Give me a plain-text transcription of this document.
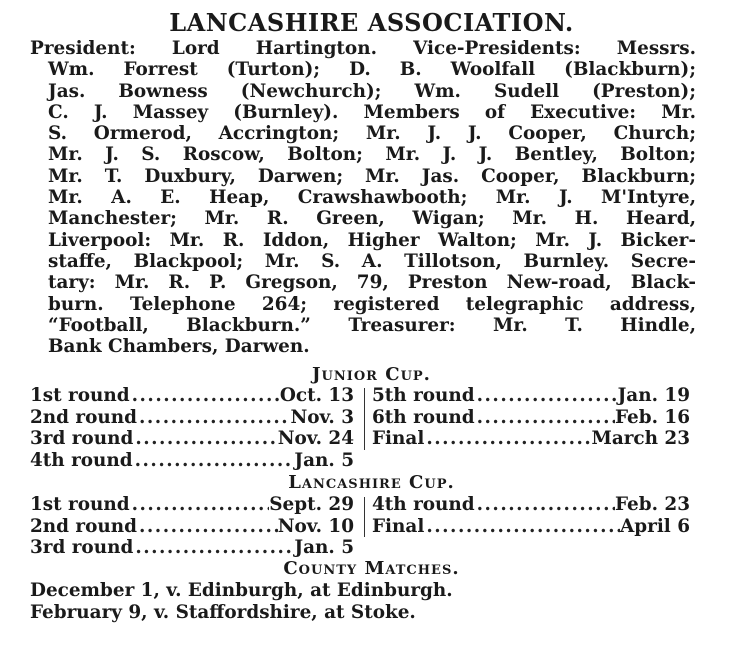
LANCASHIRE ASSOCIATION.
President: Lord Hartington. Vice-Presidents: Messrs.
Wm. Forrest (Turton); D. B. Woolfall (Blackburn);
Jas. Bowness (Newchurch); Wm. Sudell (Preston);
C. J. Massey (Burnley). Members of Executive: Mr.
S. Ormerod, Accrington; Mr. J. J. Cooper, Church;
Mr. J. S. Roscow, Bolton; Mr. J. J. Bentley, Bolton;
Mr. T. Duxbury, Darwen; Mr. Jas. Cooper, Blackburn;
Mr. A. E. Heap, Crawshawbooth; Mr. J. M'Intyre,
Manchester; Mr. R. Green, Wigan; Mr. H. Heard,
Liverpool: Mr. R. Iddon, Higher Walton; Mr. J. Bicker-
staffe, Blackpool; Mr. S. A. Tillotson, Burnley. Secre-
tary: Mr. R. P. Gregson, 79, Preston New-road, Black-
burn. Telephone 264; registered telegraphic address,
“Football, Blackburn.” Treasurer: Mr. T. Hindle,
Bank Chambers, Darwen.
Junior Cup.
1st round .....	Oct. 13
2nd round .....	Nov. 3
3rd round .....	Nov. 24
4th round .....	Jan. 5
5th round .....	Jan. 19
6th round .....	Feb. 16
Final .....	March 23
Lancashire Cup.
1st round .....	Sept. 29
2nd round .....	Nov. 10
3rd round .....	Jan. 5
4th round .....	Feb. 23
Final .....	April 6
County Matches.
December 1, v. Edinburgh, at Edinburgh.
February 9, v. Staffordshire, at Stoke.
